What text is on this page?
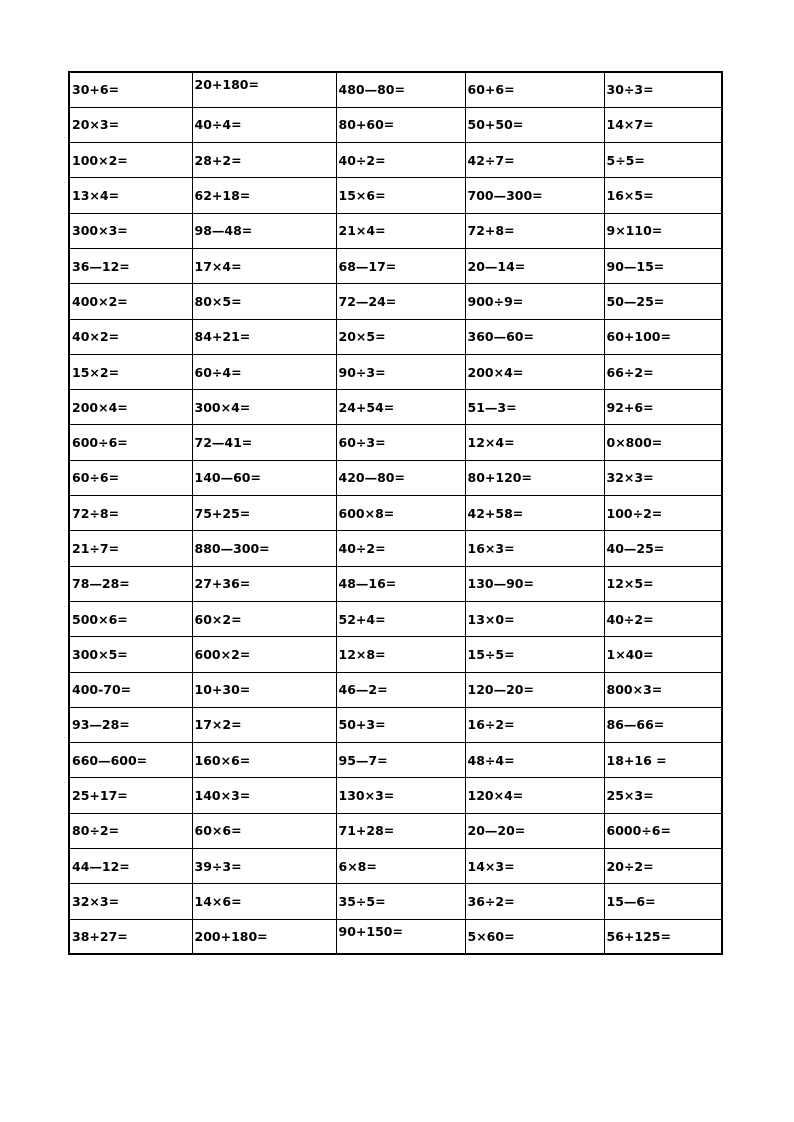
30+6=	20+180=	480—80=	60+6=	30÷3=
20×3=	40÷4=	80+60=	50+50=	14×7=
100×2=	28+2=	40÷2=	42÷7=	5÷5=
13×4=	62+18=	15×6=	700—300=	16×5=
300×3=	98—48=	21×4=	72+8=	9×110=
36—12=	17×4=	68—17=	20—14=	90—15=
400×2=	80×5=	72—24=	900÷9=	50—25=
40×2=	84+21=	20×5=	360—60=	60+100=
15×2=	60÷4=	90÷3=	200×4=	66÷2=
200×4=	300×4=	24+54=	51—3=	92+6=
600÷6=	72—41=	60÷3=	12×4=	0×800=
60÷6=	140—60=	420—80=	80+120=	32×3=
72÷8=	75+25=	600×8=	42+58=	100÷2=
21÷7=	880—300=	40÷2=	16×3=	40—25=
78—28=	27+36=	48—16=	130—90=	12×5=
500×6=	60×2=	52+4=	13×0=	40÷2=
300×5=	600×2=	12×8=	15÷5=	1×40=
400-70=	10+30=	46—2=	120—20=	800×3=
93—28=	17×2=	50+3=	16÷2=	86—66=
660—600=	160×6=	95—7=	48÷4=	18+16 =
25+17=	140×3=	130×3=	120×4=	25×3=
80÷2=	60×6=	71+28=	20—20=	6000÷6=
44—12=	39÷3=	6×8=	14×3=	20÷2=
32×3=	14×6=	35÷5=	36÷2=	15—6=
38+27=	200+180=	90+150=	5×60=	56+125=
